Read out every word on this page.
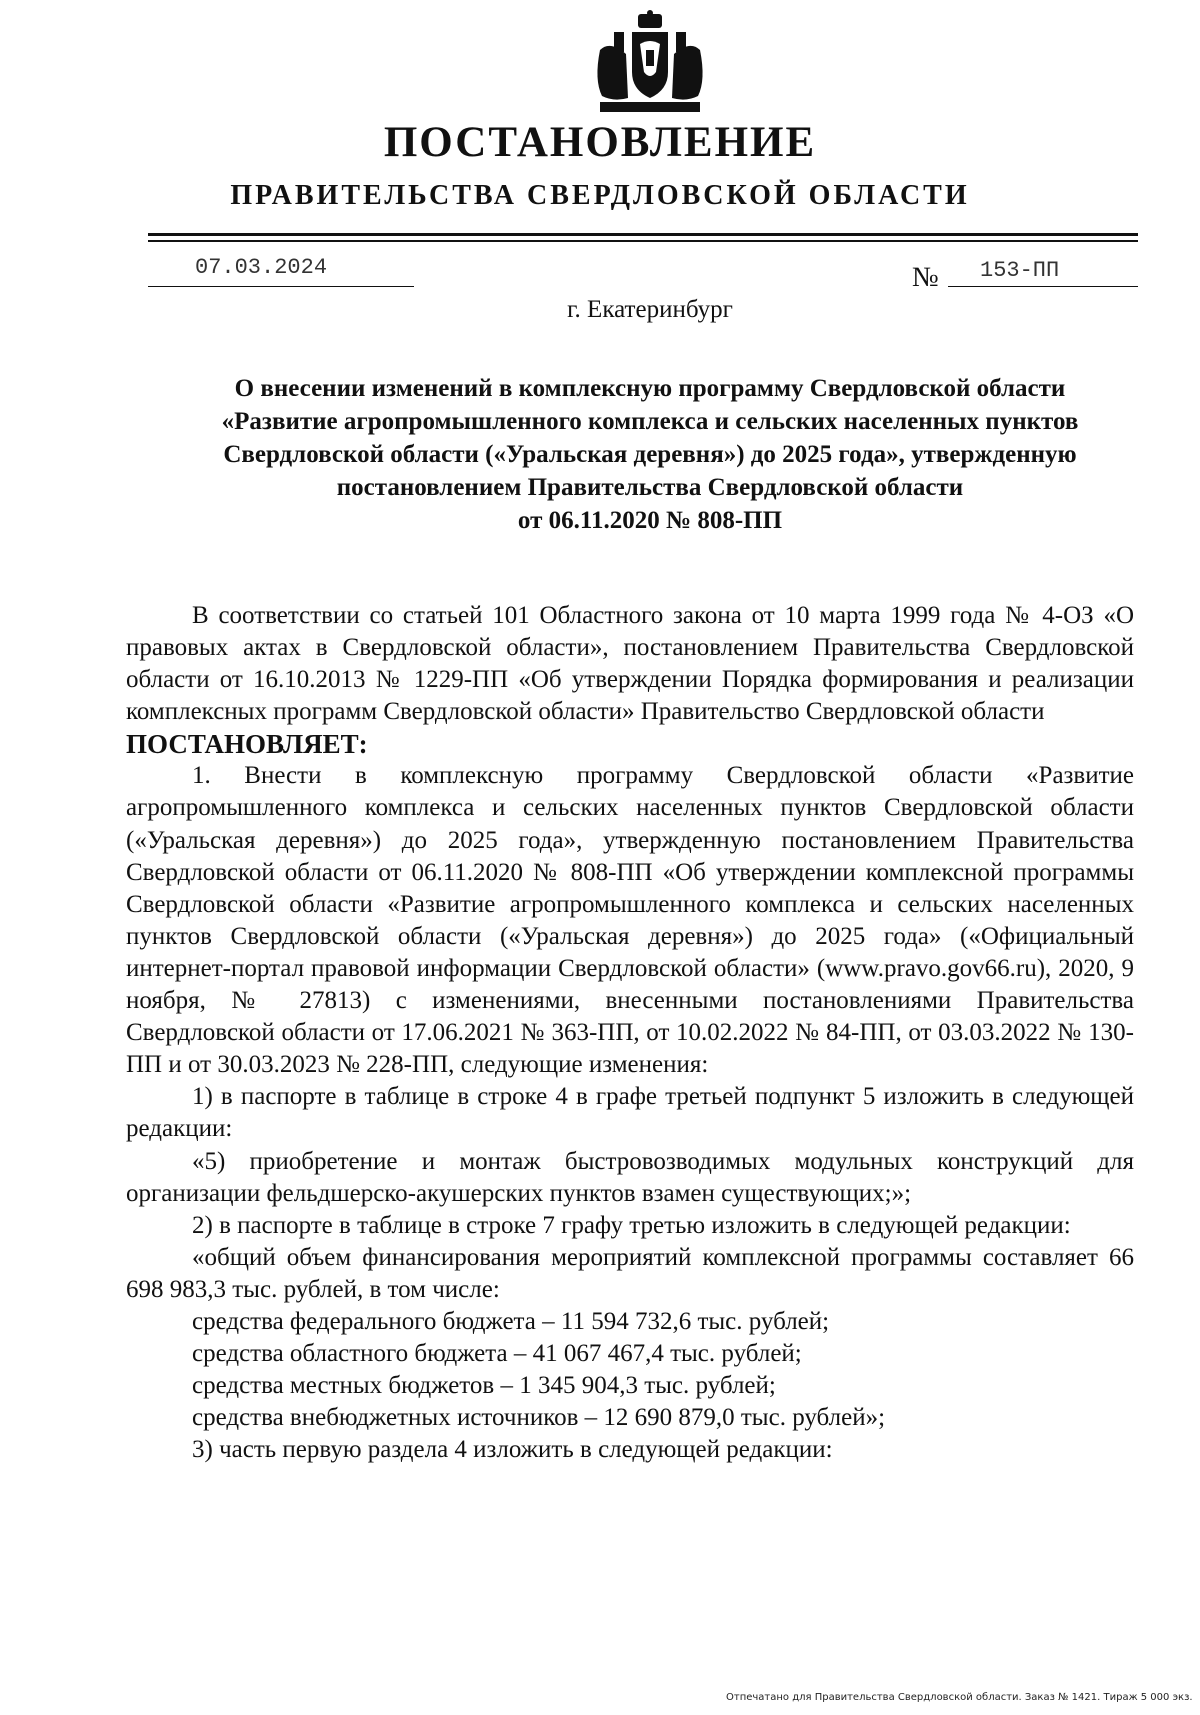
ПОСТАНОВЛЕНИЕ
ПРАВИТЕЛЬСТВА СВЕРДЛОВСКОЙ ОБЛАСТИ
07.03.2024	№ 153-ПП
г. Екатеринбург
О внесении изменений в комплексную программу Свердловской области
«Развитие агропромышленного комплекса и сельских населенных пунктов
Свердловской области («Уральская деревня») до 2025 года», утвержденную
постановлением Правительства Свердловской области
от 06.11.2020 № 808-ПП

В соответствии со статьей 101 Областного закона от 10 марта 1999 года № 4-ОЗ «О правовых актах в Свердловской области», постановлением Правительства Свердловской области от 16.10.2013 № 1229-ПП «Об утверждении Порядка формирования и реализации комплексных программ Свердловской области» Правительство Свердловской области

ПОСТАНОВЛЯЕТ:

1. Внести в комплексную программу Свердловской области «Развитие агропромышленного комплекса и сельских населенных пунктов Свердловской области («Уральская деревня») до 2025 года», утвержденную постановлением Правительства Свердловской области от 06.11.2020 № 808-ПП «Об утверждении комплексной программы Свердловской области «Развитие агропромышленного комплекса и сельских населенных пунктов Свердловской области («Уральская деревня») до 2025 года» («Официальный интернет-портал правовой информации Свердловской области» (www.pravo.gov66.ru), 2020, 9 ноября, № 27813) с изменениями, внесенными постановлениями Правительства Свердловской области от 17.06.2021 № 363-ПП, от 10.02.2022 № 84-ПП, от 03.03.2022 № 130-ПП и от 30.03.2023 № 228-ПП, следующие изменения:

1) в паспорте в таблице в строке 4 в графе третьей подпункт 5 изложить в следующей редакции:

«5) приобретение и монтаж быстровозводимых модульных конструкций для организации фельдшерско-акушерских пунктов взамен существующих;»;

2) в паспорте в таблице в строке 7 графу третью изложить в следующей редакции:

«общий объем финансирования мероприятий комплексной программы составляет 66 698 983,3 тыс. рублей, в том числе:

средства федерального бюджета – 11 594 732,6 тыс. рублей;

средства областного бюджета – 41 067 467,4 тыс. рублей;

средства местных бюджетов – 1 345 904,3 тыс. рублей;

средства внебюджетных источников – 12 690 879,0 тыс. рублей»;

3) часть первую раздела 4 изложить в следующей редакции:

Отпечатано для Правительства Свердловской области. Заказ № 1421. Тираж 5 000 экз.
